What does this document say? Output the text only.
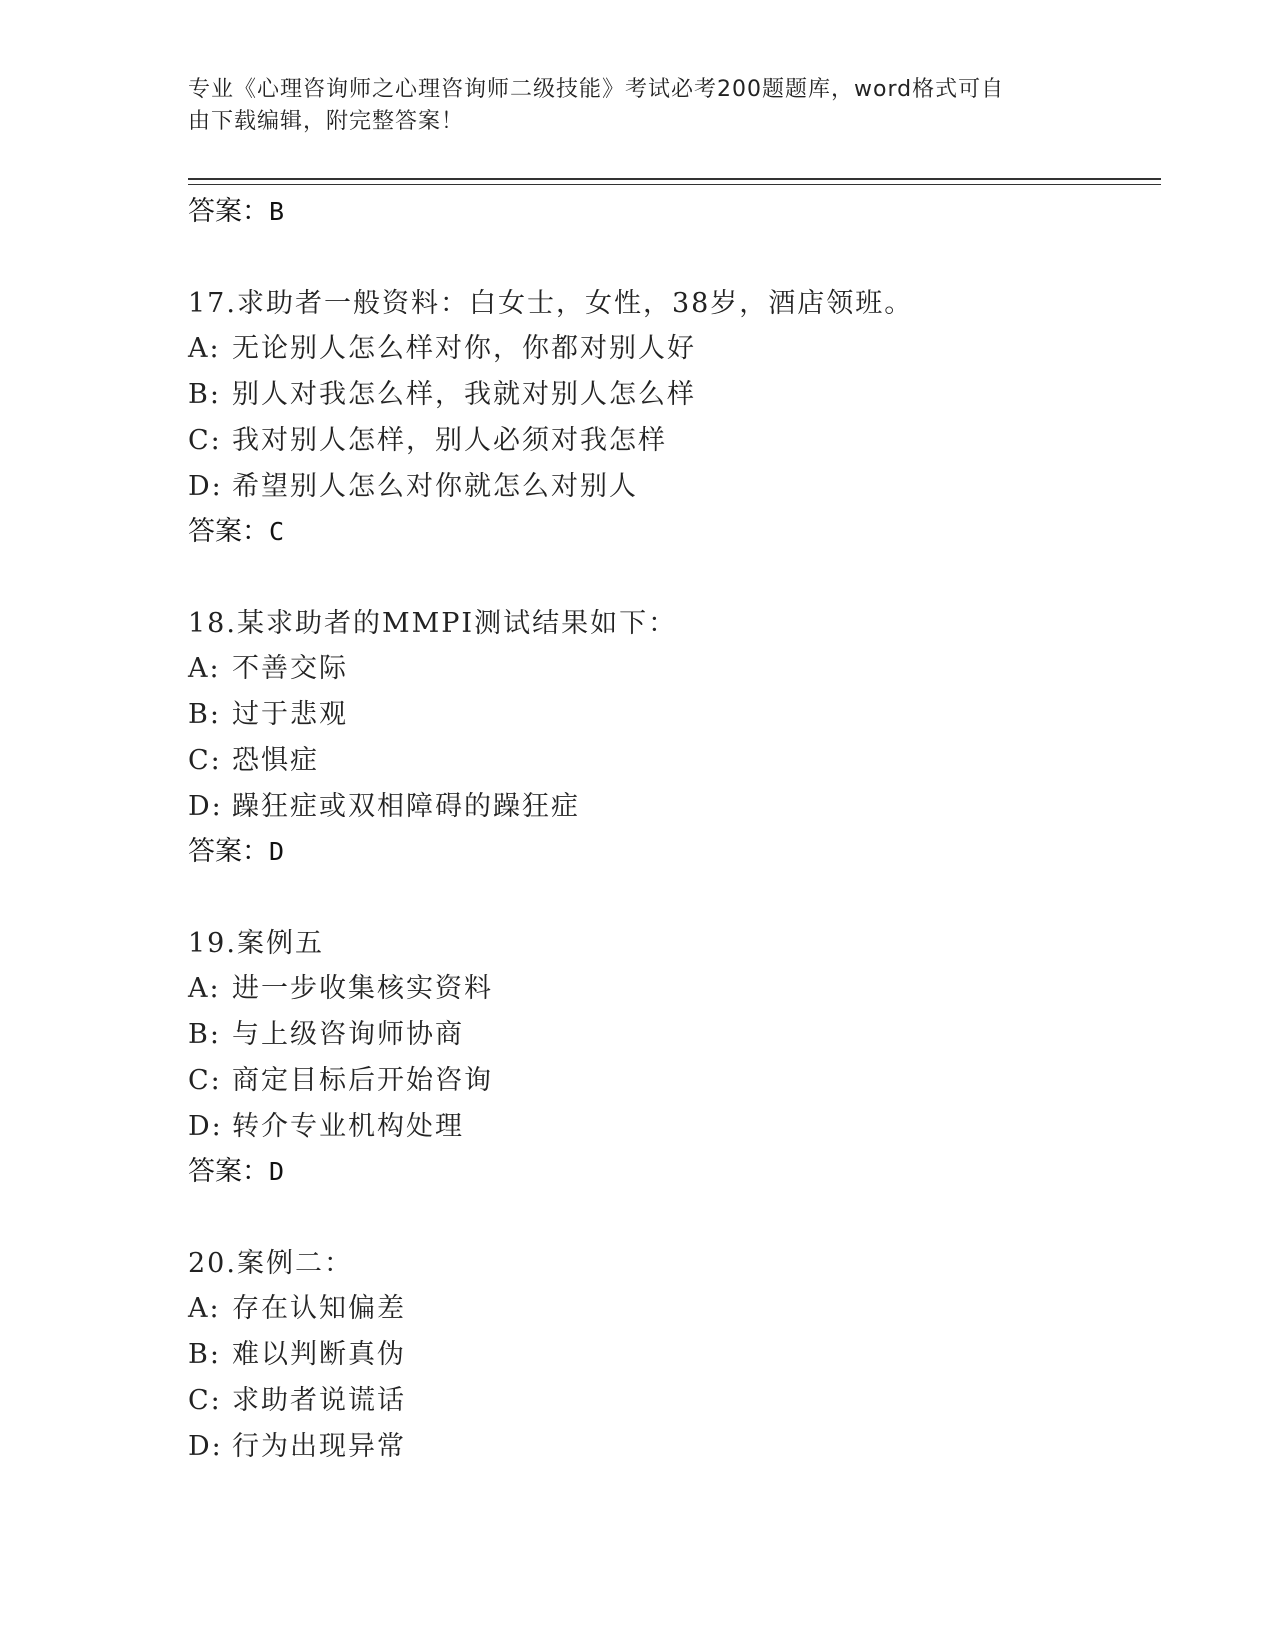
专业《心理咨询师之心理咨询师二级技能》考试必考200题题库，word格式可自
由下载编辑，附完整答案！
答案：B
17.求助者一般资料：白女士，女性，38岁，酒店领班。
A: 无论别人怎么样对你，你都对别人好
B: 别人对我怎么样，我就对别人怎么样
C: 我对别人怎样，别人必须对我怎样
D: 希望别人怎么对你就怎么对别人
答案：C
18.某求助者的MMPI测试结果如下：
A: 不善交际
B: 过于悲观
C: 恐惧症
D: 躁狂症或双相障碍的躁狂症
答案：D
19.案例五
A: 进一步收集核实资料
B: 与上级咨询师协商
C: 商定目标后开始咨询
D: 转介专业机构处理
答案：D
20.案例二：
A: 存在认知偏差
B: 难以判断真伪
C: 求助者说谎话
D: 行为出现异常
